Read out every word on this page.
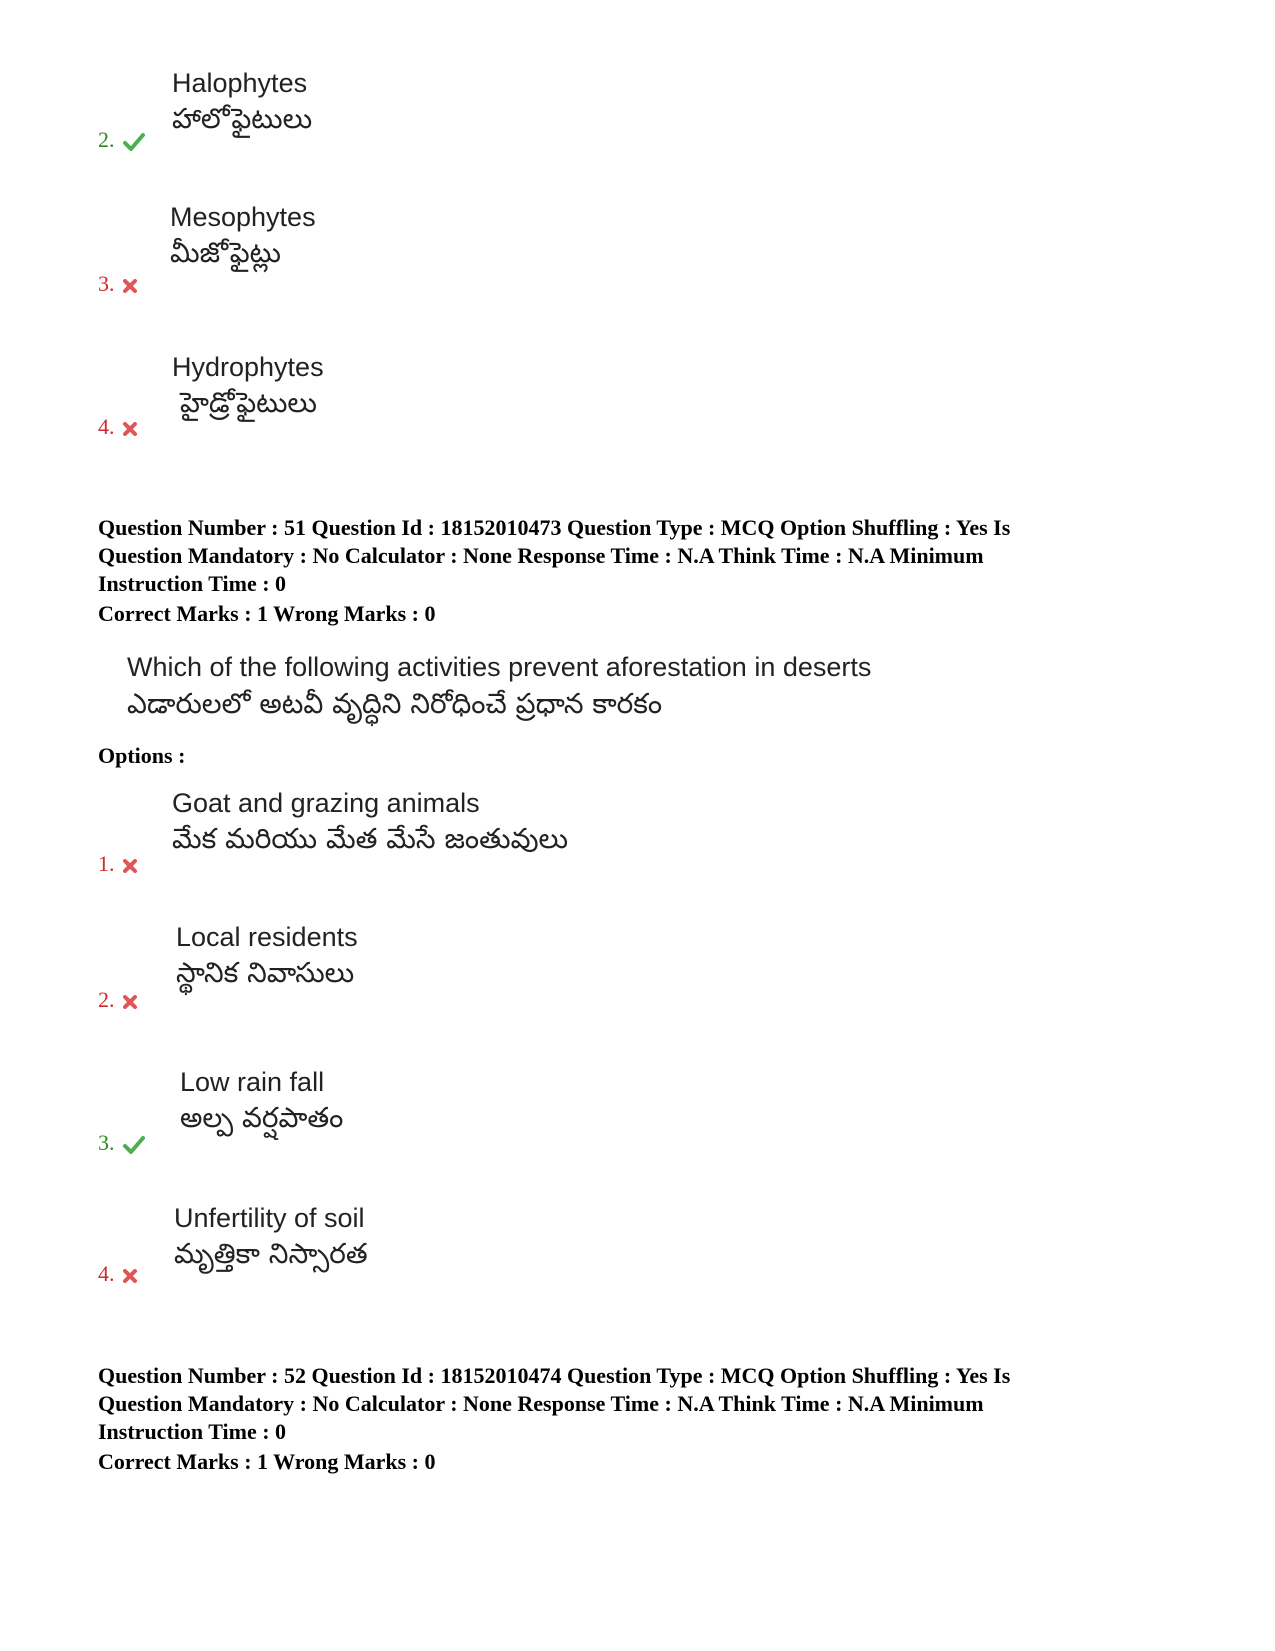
Halophytes
హాలోఫైటులు
2.
Mesophytes
మీజోఫైట్లు
3.
Hydrophytes
హైడ్రోఫైటులు
4.
Question Number : 51 Question Id : 18152010473 Question Type : MCQ Option Shuffling : Yes Is
Question Mandatory : No Calculator : None Response Time : N.A Think Time : N.A Minimum
Instruction Time : 0
Correct Marks : 1 Wrong Marks : 0
Which of the following activities prevent aforestation in deserts
ఎడారులలో అటవీ వృద్ధిని నిరోధించే ప్రధాన కారకం
Options :
Goat and grazing animals
మేక మరియు మేత మేసే జంతువులు
1.
Local residents
స్థానిక నివాసులు
2.
Low rain fall
అల్ప వర్షపాతం
3.
Unfertility of soil
మృత్తికా నిస్సారత
4.
Question Number : 52 Question Id : 18152010474 Question Type : MCQ Option Shuffling : Yes Is
Question Mandatory : No Calculator : None Response Time : N.A Think Time : N.A Minimum
Instruction Time : 0
Correct Marks : 1 Wrong Marks : 0
